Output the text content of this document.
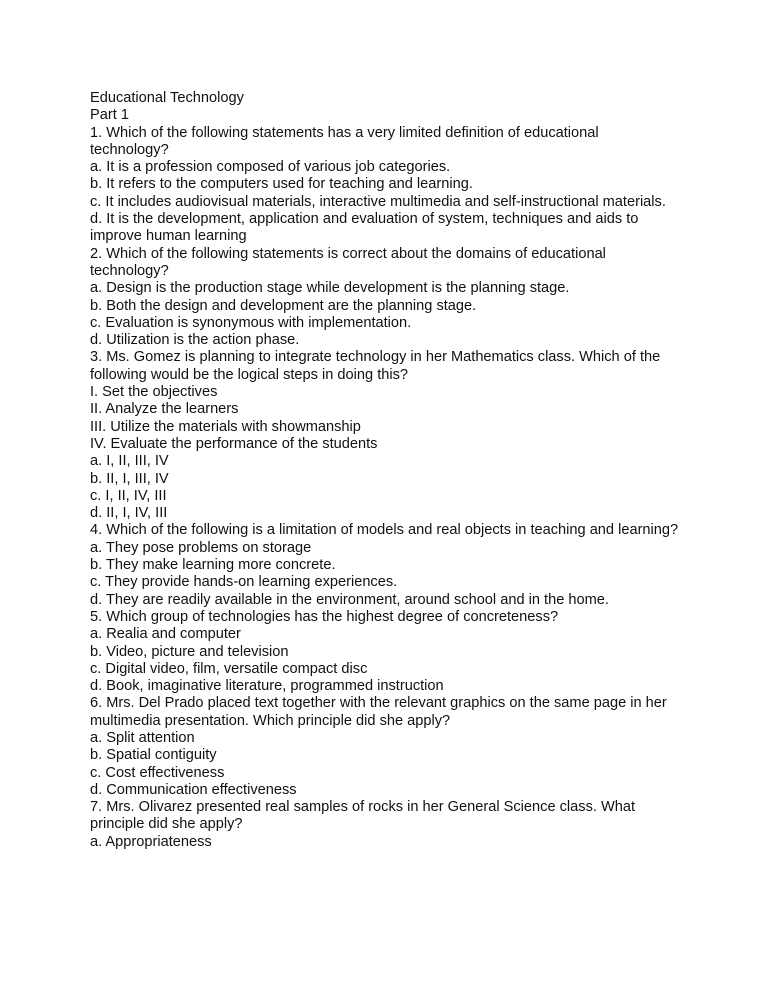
Educational Technology
Part 1
1. Which of the following statements has a very limited definition of educational technology?
a. It is a profession composed of various job categories.
b. It refers to the computers used for teaching and learning.
c. It includes audiovisual materials, interactive multimedia and self-instructional materials.
d. It is the development, application and evaluation of system, techniques and aids to improve human learning
2. Which of the following statements is correct about the domains of educational technology?
a. Design is the production stage while development is the planning stage.
b. Both the design and development are the planning stage.
c. Evaluation is synonymous with implementation.
d. Utilization is the action phase.
3. Ms. Gomez is planning to integrate technology in her Mathematics class. Which of the following would be the logical steps in doing this?
I. Set the objectives
II. Analyze the learners
III. Utilize the materials with showmanship
IV. Evaluate the performance of the students
a. I, II, III, IV
b. II, I, III, IV
c. I, II, IV, III
d. II, I, IV, III
4. Which of the following is a limitation of models and real objects in teaching and learning?
a. They pose problems on storage
b. They make learning more concrete.
c. They provide hands-on learning experiences.
d. They are readily available in the environment, around school and in the home.
5. Which group of technologies has the highest degree of concreteness?
a. Realia and computer
b. Video, picture and television
c. Digital video, film, versatile compact disc
d. Book, imaginative literature, programmed instruction
6. Mrs. Del Prado placed text together with the relevant graphics on the same page in her multimedia presentation. Which principle did she apply?
a. Split attention
b. Spatial contiguity
c. Cost effectiveness
d. Communication effectiveness
7. Mrs. Olivarez presented real samples of rocks in her General Science class. What principle did she apply?
a. Appropriateness
